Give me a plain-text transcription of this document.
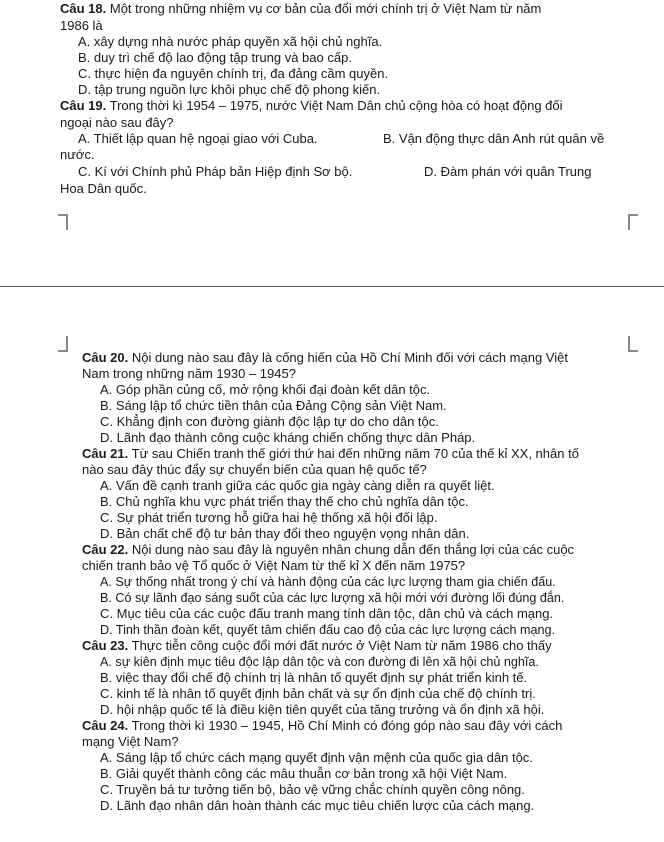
Câu 18. Một trong những nhiệm vụ cơ bản của đổi mới chính trị ở Việt Nam từ năm
1986 là
A. xây dựng nhà nước pháp quyền xã hội chủ nghĩa.
B. duy trì chế độ lao động tập trung và bao cấp.
C. thực hiện đa nguyên chính trị, đa đảng cầm quyền.
D. tập trung nguồn lực khôi phục chế độ phong kiến.
Câu 19. Trong thời kì 1954 – 1975, nước Việt Nam Dân chủ cộng hòa có hoạt động đối
ngoại nào sau đây?
A. Thiết lập quan hệ ngoại giao với Cuba.	B. Vận động thực dân Anh rút quân về
nước.
C. Kí với Chính phủ Pháp bản Hiệp định Sơ bộ.	D. Đàm phán với quân Trung
Hoa Dân quốc.
Câu 20. Nội dung nào sau đây là cống hiến của Hồ Chí Minh đối với cách mạng Việt
Nam trong những năm 1930 – 1945?
A. Góp phần củng cố, mở rộng khối đại đoàn kết dân tộc.
B. Sáng lập tổ chức tiền thân của Đảng Cộng sản Việt Nam.
C. Khẳng định con đường giành độc lập tự do cho dân tộc.
D. Lãnh đạo thành công cuộc kháng chiến chống thực dân Pháp.
Câu 21. Từ sau Chiến tranh thế giới thứ hai đến những năm 70 của thế kỉ XX, nhân tố
nào sau đây thúc đẩy sự chuyển biến của quan hệ quốc tế?
A. Vấn đề cạnh tranh giữa các quốc gia ngày càng diễn ra quyết liệt.
B. Chủ nghĩa khu vực phát triển thay thế cho chủ nghĩa dân tộc.
C. Sự phát triển tương hỗ giữa hai hệ thống xã hội đối lập.
D. Bản chất chế độ tư bản thay đổi theo nguyện vọng nhân dân.
Câu 22. Nội dung nào sau đây là nguyên nhân chung dẫn đến thắng lợi của các cuộc
chiến tranh bảo vệ Tổ quốc ở Việt Nam từ thế kỉ X đến năm 1975?
A. Sự thống nhất trong ý chí và hành động của các lực lượng tham gia chiến đấu.
B. Có sự lãnh đạo sáng suốt của các lực lượng xã hội mới với đường lối đúng đắn.
C. Mục tiêu của các cuộc đấu tranh mang tính dân tộc, dân chủ và cách mạng.
D. Tinh thần đoàn kết, quyết tâm chiến đấu cao độ của các lực lượng cách mạng.
Câu 23. Thực tiễn công cuộc đổi mới đất nước ở Việt Nam từ năm 1986 cho thấy
A. sự kiên định mục tiêu độc lập dân tộc và con đường đi lên xã hội chủ nghĩa.
B. việc thay đổi chế độ chính trị là nhân tố quyết định sự phát triển kinh tế.
C. kinh tế là nhân tố quyết định bản chất và sự ổn định của chế độ chính trị.
D. hội nhập quốc tế là điều kiện tiên quyết của tăng trưởng và ổn định xã hội.
Câu 24. Trong thời kì 1930 – 1945, Hồ Chí Minh có đóng góp nào sau đây với cách
mạng Việt Nam?
A. Sáng lập tổ chức cách mạng quyết định vận mệnh của quốc gia dân tộc.
B. Giải quyết thành công các mâu thuẫn cơ bản trong xã hội Việt Nam.
C. Truyền bá tư tưởng tiến bộ, bảo vệ vững chắc chính quyền công nông.
D. Lãnh đạo nhân dân hoàn thành các mục tiêu chiến lược của cách mạng.
